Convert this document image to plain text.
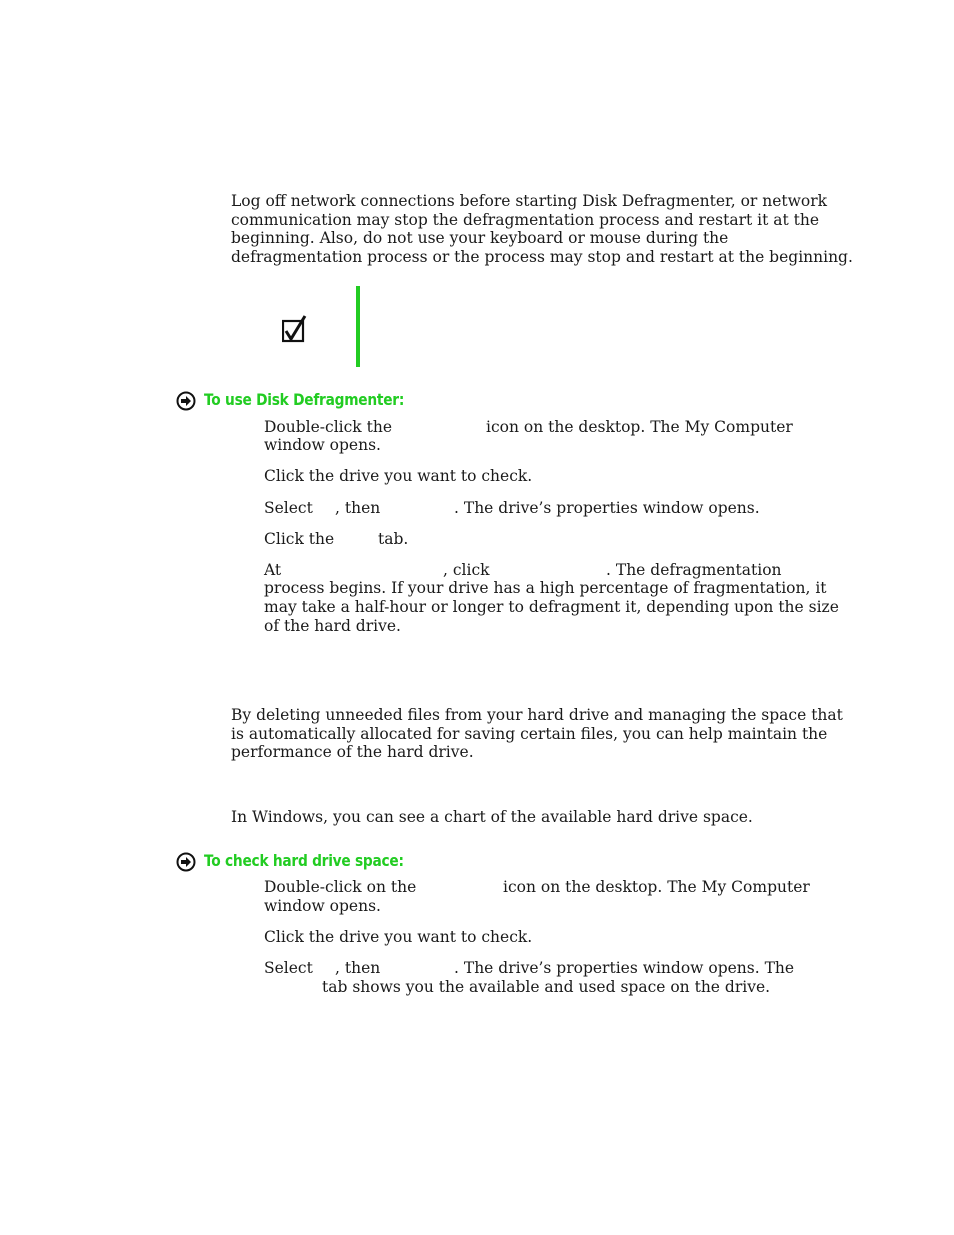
Log off network connections before starting Disk Defragmenter, or network

communication may stop the defragmentation process and restart it at the

beginning. Also, do not use your keyboard or mouse during the

defragmentation process or the process may stop and restart at the beginning.

To use Disk Defragmenter:

Double-click the	icon on the desktop. The My Computer

window opens.

Click the drive you want to check.

Select , then	. The drive’s properties window opens.

Click the	tab.

At	, click	. The defragmentation

process begins. If your drive has a high percentage of fragmentation, it

may take a half-hour or longer to defragment it, depending upon the size

of the hard drive.

By deleting unneeded files from your hard drive and managing the space that

is automatically allocated for saving certain files, you can help maintain the

performance of the hard drive.

In Windows, you can see a chart of the available hard drive space.

To check hard drive space:

Double-click on the	icon on the desktop. The My Computer

window opens.

Click the drive you want to check.

Select , then	. The drive’s properties window opens. The

tab shows you the available and used space on the drive.
